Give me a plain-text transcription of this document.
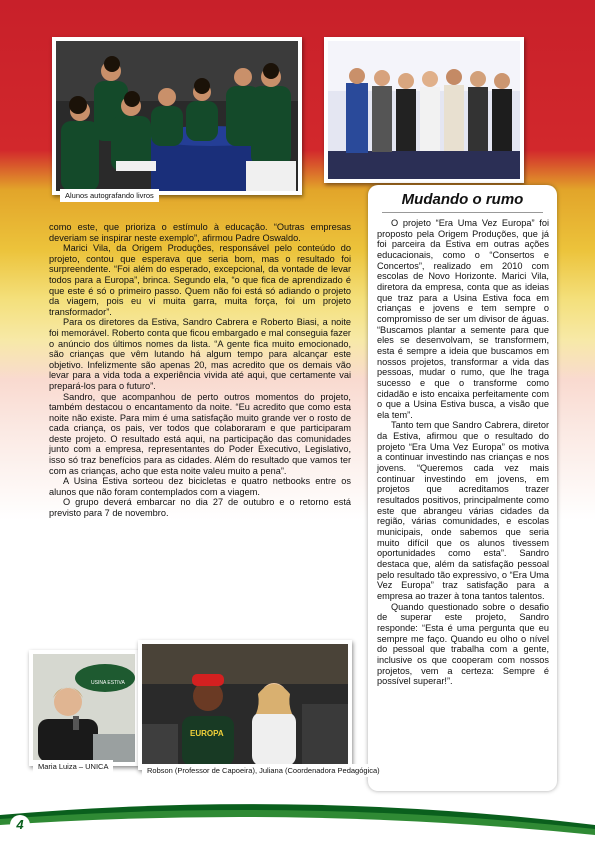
Alunos autografando livros

como este, que prioriza o estímulo à educação. “Outras empresas deveriam se inspirar neste exemplo”, afirmou Padre Oswaldo.

Marici Vila, da Origem Produções, responsável pelo conteúdo do projeto, contou que esperava que seria bom, mas o resultado foi surpreendente. “Foi além do esperado, excepcional, da vontade de levar todos para a Europa”, brinca. Segundo ela, “o que fica de aprendizado é que este é só o primeiro passo. Quem não foi está só adiando o projeto da viagem, pois eu vi muita garra, muita força, foi um projeto transformador”.

Para os diretores da Estiva, Sandro Cabrera e Roberto Biasi, a noite foi memorável. Roberto conta que ficou embargado e mal conseguia fazer o anúncio dos últimos nomes da lista. “A gente fica muito emocionado, são crianças que vêm lutando há algum tempo para alcançar este objetivo. Infelizmente são apenas 20, mas acredito que os demais vão levar para a vida toda a experiência vivida até aqui, que certamente vai prepará-los para o futuro”.

Sandro, que acompanhou de perto outros momentos do projeto, também destacou o encantamento da noite. “Eu acredito que como esta noite não existe. Para mim é uma satisfação muito grande ver o rosto de cada criança, os pais, ver todos que colaboraram e que participaram deste projeto. O resultado está aqui, na participação das comunidades junto com a empresa, representantes do Poder Executivo, Legislativo, isso só traz benefícios para as cidades. Além do resultado que vamos ter com as crianças, acho que esta noite valeu muito a pena”.

A Usina Estiva sorteou dez bicicletas e quatro netbooks entre os alunos que não foram contemplados com a viagem.

O grupo deverá embarcar no dia 27 de outubro e o retorno está previsto para 7 de novembro.

Mudando o rumo

O projeto “Era Uma Vez Europa” foi proposto pela Origem Produções, que já foi parceira da Estiva em outras ações educacionais, como o “Consertos e Concertos”, realizado em 2010 com escolas de Novo Horizonte. Marici Vila, diretora da empresa, conta que as ideias que traz para a Usina Estiva foca em crianças e jovens e tem sempre o compromisso de ser um divisor de águas. “Buscamos plantar a semente para que eles se desenvolvam, se transformem, esta é sempre a ideia que buscamos em nossos projetos, transformar a vida das pessoas, mudar o rumo, que lhe traga sucesso e que o transforme como cidadão e isto encaixa perfeitamente com o que a Usina Estiva busca, a visão que ela tem”.

Tanto tem que Sandro Cabrera, diretor da Estiva, afirmou que o resultado do projeto “Era Uma Vez Europa” os motiva a continuar investindo nas crianças e nos jovens. “Queremos cada vez mais continuar investindo em jovens, em projetos que acreditamos trazer resultados positivos, principalmente como este que abrangeu várias cidades da região, várias comunidades, e escolas municipais, onde sabemos que seria muito difícil que os alunos tivessem oportunidades como esta”. Sandro destaca que, além da satisfação pessoal pelo resultado tão expressivo, o “Era Uma Vez Europa” traz satisfação para a empresa ao trazer à tona tantos talentos.

Quando questionado sobre o desafio de superar este projeto, Sandro responde: “Esta é uma pergunta que eu sempre me faço. Quando eu olho o nível do pessoal que trabalha com a gente, inclusive os que cooperam com nossos projetos, vem a certeza: Sempre é possível superar!”.

USINA ESTIVA
Maria Luiza – UNICA
EUROPA
Robson (Professor de Capoeira), Juliana (Coordenadora Pedagógica)
4
